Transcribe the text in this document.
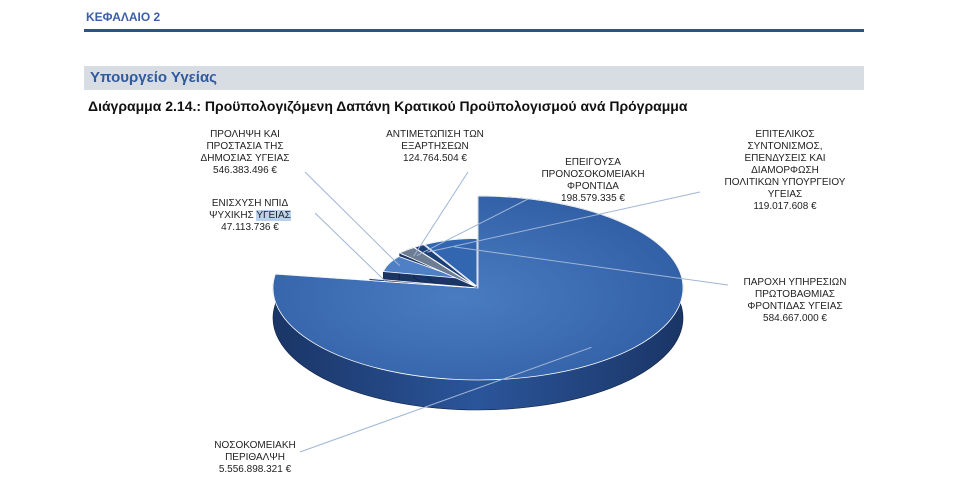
ΚΕΦΑΛΑΙΟ 2
Υπουργείο Υγείας
Διάγραμμα 2.14.: Προϋπολογιζόμενη Δαπάνη Κρατικού Προϋπολογισμού ανά Πρόγραμμα
ΠΡΟΛΗΨΗ ΚΑΙ
ΠΡΟΣΤΑΣΙΑ ΤΗΣ
ΔΗΜΟΣΙΑΣ ΥΓΕΙΑΣ
546.383.496 €
ΑΝΤΙΜΕΤΩΠΙΣΗ ΤΩΝ
ΕΞΑΡΤΗΣΕΩΝ
124.764.504 €	ΕΠΕΙΓΟΥΣΑ
ΠΡΟΝΟΣΟΚΟΜΕΙΑΚΗ
ΦΡΟΝΤΙΔΑ
198.579.335 €
ΕΠΙΤΕΛΙΚΟΣ
ΣΥΝΤΟΝΙΣΜΟΣ,
ΕΠΕΝΔΥΣΕΙΣ ΚΑΙ
ΔΙΑΜΟΡΦΩΣΗ
ΠΟΛΙΤΙΚΩΝ ΥΠΟΥΡΓΕΙΟΥ
ΥΓΕΙΑΣ
119.017.608 €
ΕΝΙΣΧΥΣΗ ΝΠΙΔ
ΨΥΧΙΚΗΣ ΥΓΕΙΑΣ
47.113.736 €
ΠΑΡΟΧΗ ΥΠΗΡΕΣΙΩΝ
ΠΡΩΤΟΒΑΘΜΙΑΣ
ΦΡΟΝΤΙΔΑΣ ΥΓΕΙΑΣ
584.667.000 €
ΝΟΣΟΚΟΜΕΙΑΚΗ
ΠΕΡΙΘΑΛΨΗ
5.556.898.321 €
